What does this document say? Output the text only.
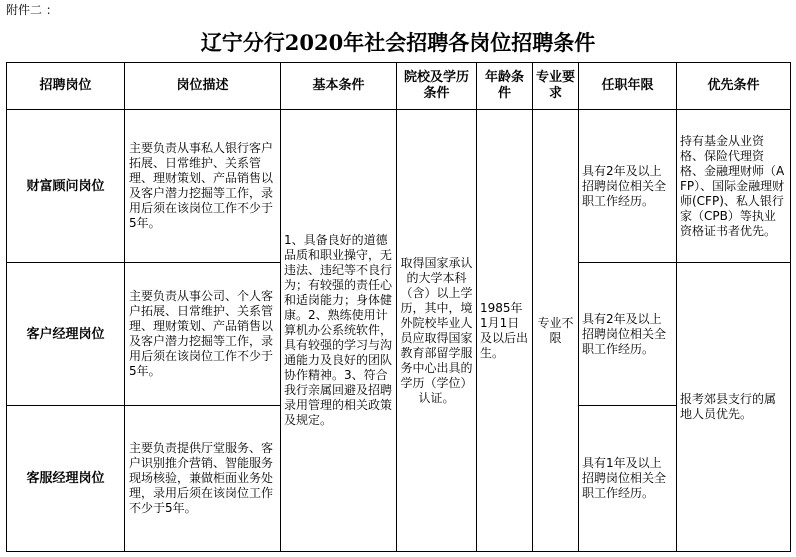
附件二 ：
辽宁分行2020年社会招聘各岗位招聘条件
招聘岗位	岗位描述	基本条件	院校及学历条件	年龄条件	专业要求	任职年限	优先条件
财富顾问岗位	主要负责从事私人银行客户拓展、日常维护、关系管理、理财策划、产品销售以及客户潜力挖掘等工作，录用后须在该岗位工作不少于5年。	1、具备良好的道德品质和职业操守，无违法、违纪等不良行为；有较强的责任心和适岗能力；身体健康。2、熟练使用计算机办公系统软件，具有较强的学习与沟通能力及良好的团队协作精神。3、符合我行亲属回避及招聘录用管理的相关政策及规定。	取得国家承认的大学本科（含）以上学历，其中，境外院校毕业人员应取得国家教育部留学服务中心出具的学历（学位）认证。	1985年1月1日及以后出生。	专业不限	具有2年及以上招聘岗位相关全职工作经历。	持有基金从业资格、保险代理资格、金融理财师（AFP）、国际金融理财师(CFP)、私人银行家（CPB）等执业资格证书者优先。
客户经理岗位	主要负责从事公司、个人客户拓展、日常维护、关系管理、理财策划、产品销售以及客户潜力挖掘等工作，录用后须在该岗位工作不少于5年。					具有2年及以上招聘岗位相关全职工作经历。	报考郊县支行的属地人员优先。
客服经理岗位	主要负责提供厅堂服务、客户识别推介营销、智能服务现场核验，兼做柜面业务处理，录用后须在该岗位工作不少于5年。					具有1年及以上招聘岗位相关全职工作经历。	
